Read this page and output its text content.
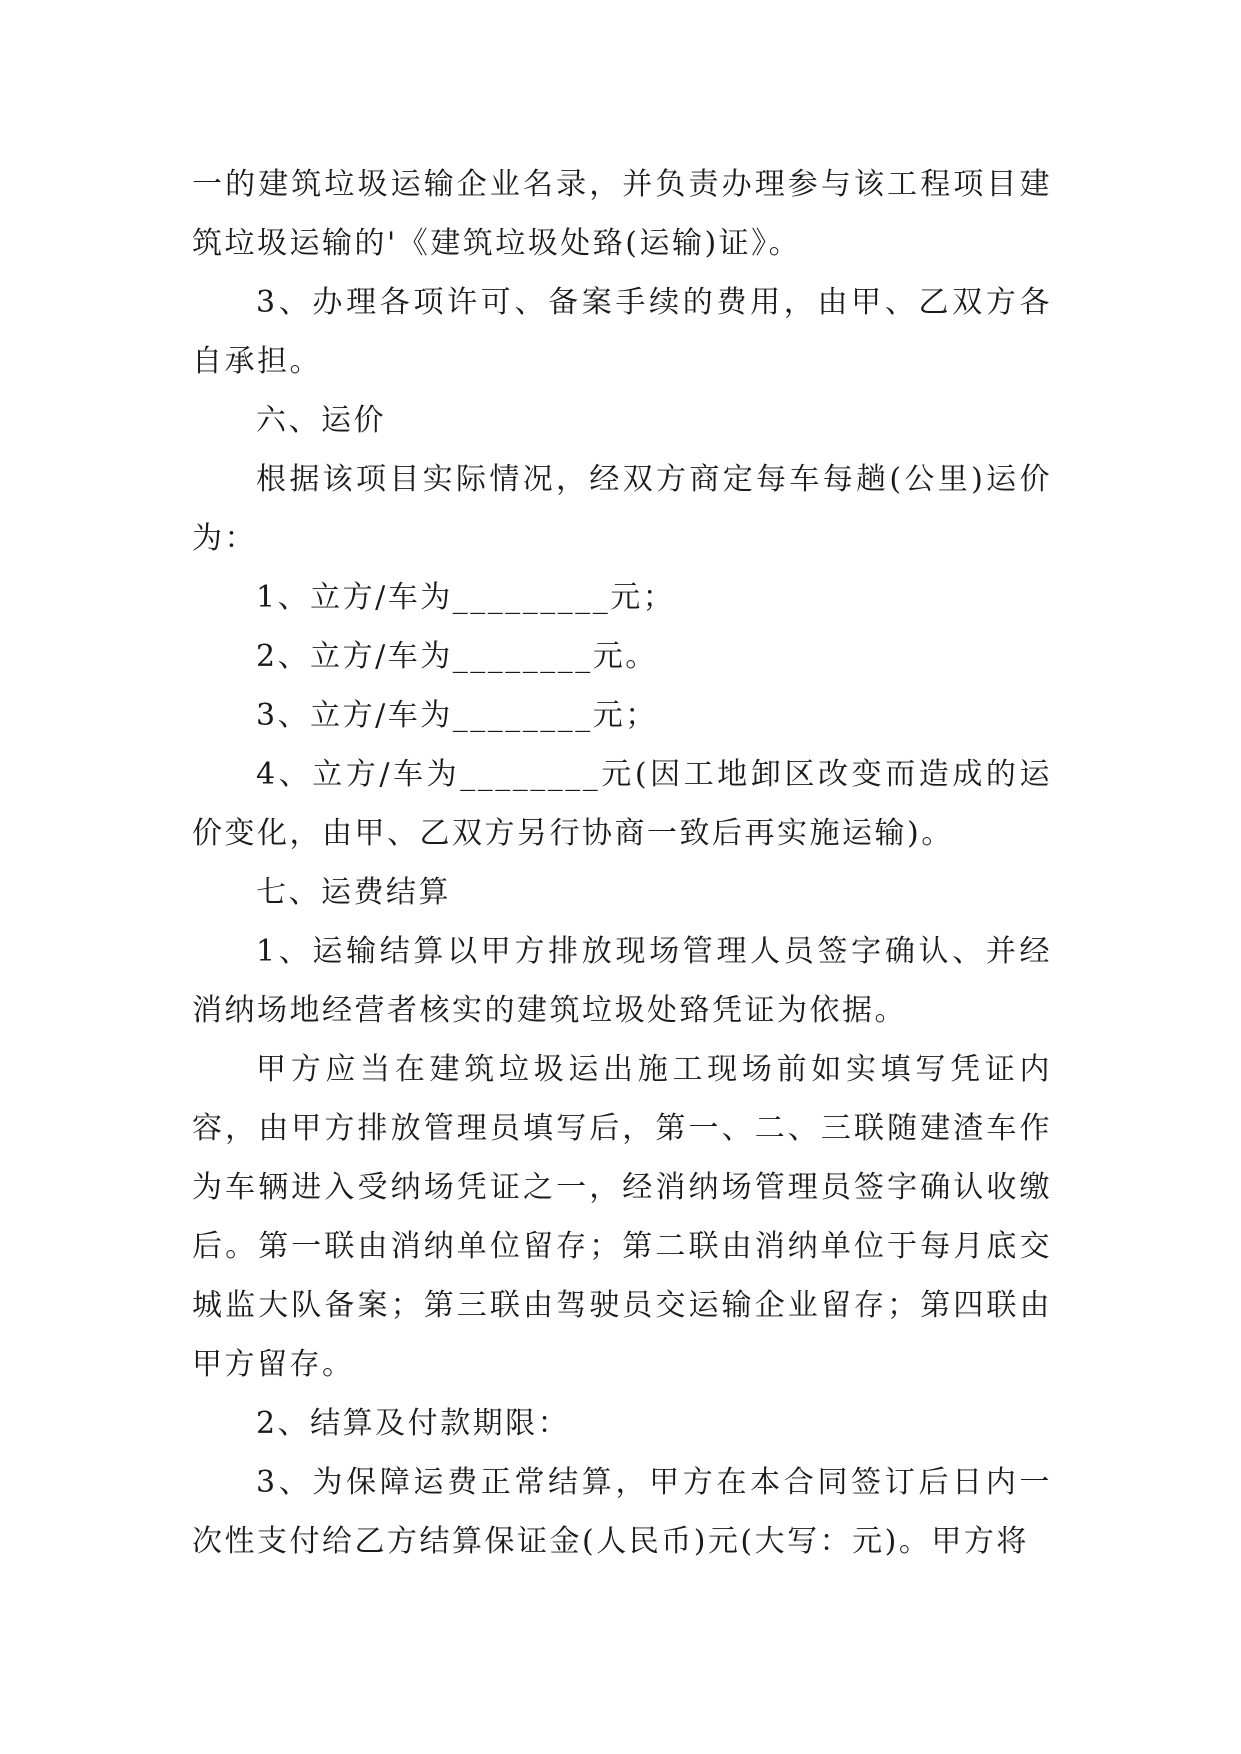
一的建筑垃圾运输企业名录，并负责办理参与该工程项目建筑垃圾运输的'《建筑垃圾处臵(运输)证》。

3、办理各项许可、备案手续的费用，由甲、乙双方各自承担。

六、运价

根据该项目实际情况，经双方商定每车每趟(公里)运价为：

1、立方/车为_________元；

2、立方/车为________元。

3、立方/车为________元；

4、立方/车为________元(因工地卸区改变而造成的运价变化，由甲、乙双方另行协商一致后再实施运输)。

七、运费结算

1、运输结算以甲方排放现场管理人员签字确认、并经消纳场地经营者核实的建筑垃圾处臵凭证为依据。

甲方应当在建筑垃圾运出施工现场前如实填写凭证内容，由甲方排放管理员填写后，第一、二、三联随建渣车作为车辆进入受纳场凭证之一，经消纳场管理员签字确认收缴后。第一联由消纳单位留存；第二联由消纳单位于每月底交城监大队备案；第三联由驾驶员交运输企业留存；第四联由甲方留存。

2、结算及付款期限：

3、为保障运费正常结算，甲方在本合同签订后日内一次性支付给乙方结算保证金(人民币)元(大写：元)。甲方将
